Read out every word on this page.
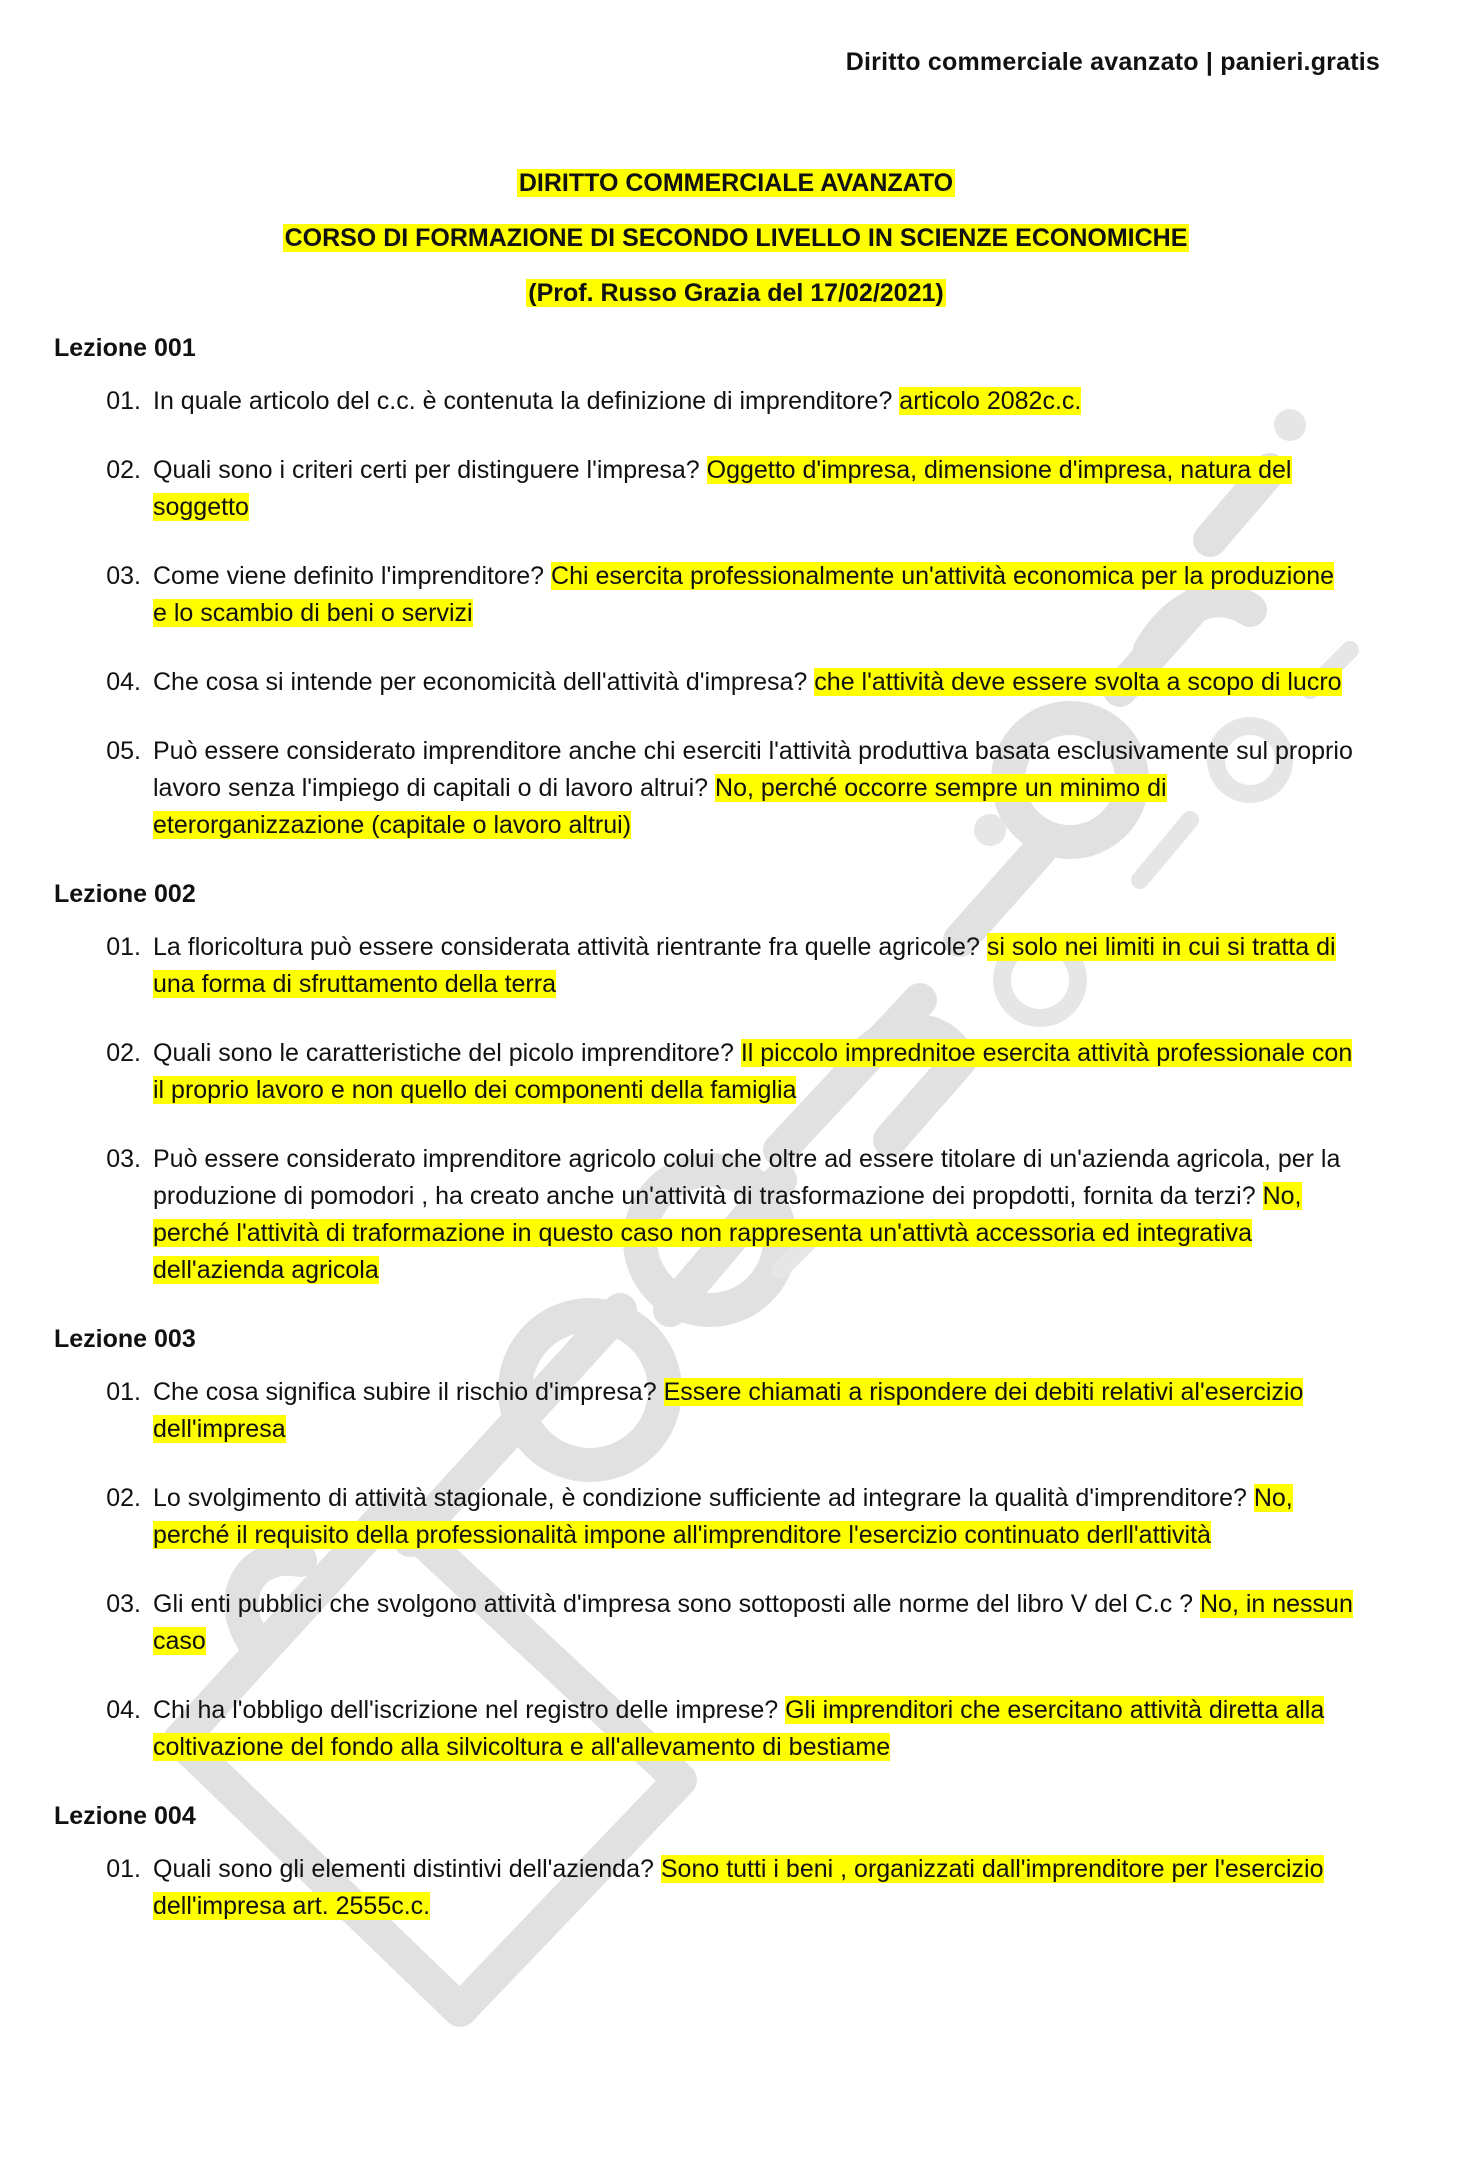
Diritto commerciale avanzato | panieri.gratis
DIRITTO COMMERCIALE AVANZATO
CORSO DI FORMAZIONE DI SECONDO LIVELLO IN SCIENZE ECONOMICHE
(Prof. Russo Grazia del 17/02/2021)
Lezione 001
01. In quale articolo del c.c. è contenuta la definizione di imprenditore? articolo 2082c.c.
02. Quali sono i criteri certi per distinguere l'impresa? Oggetto d'impresa, dimensione d'impresa, natura del soggetto
03. Come viene definito l'imprenditore? Chi esercita professionalmente un'attività economica per la produzione e lo scambio di beni o servizi
04. Che cosa si intende per economicità dell'attività d'impresa? che l'attività deve essere svolta a scopo di lucro
05. Può essere considerato imprenditore anche chi eserciti l'attività produttiva basata esclusivamente sul proprio lavoro senza l'impiego di capitali o di lavoro altrui? No, perché occorre sempre un minimo di eterorganizzazione (capitale o lavoro altrui)
Lezione 002
01. La floricoltura può essere considerata attività rientrante fra quelle agricole? si solo nei limiti in cui si tratta di una forma di sfruttamento della terra
02. Quali sono le caratteristiche del picolo imprenditore? Il piccolo imprednitoe esercita attività professionale con il proprio lavoro e non quello dei componenti della famiglia
03. Può essere considerato imprenditore agricolo colui che oltre ad essere titolare di un'azienda agricola, per la produzione di pomodori , ha creato anche un'attività di trasformazione dei propdotti, fornita da terzi? No, perché l'attività di traformazione in questo caso non rappresenta un'attivtà accessoria ed integrativa dell'azienda agricola
Lezione 003
01. Che cosa significa subire il rischio d'impresa? Essere chiamati a rispondere dei debiti relativi al'esercizio dell'impresa
02. Lo svolgimento di attività stagionale, è condizione sufficiente ad integrare la qualità d'imprenditore? No, perché il requisito della professionalità impone all'imprenditore l'esercizio continuato derll'attività
03. Gli enti pubblici che svolgono attività d'impresa sono sottoposti alle norme del libro V del C.c ? No, in nessun caso
04. Chi ha l'obbligo dell'iscrizione nel registro delle imprese? Gli imprenditori che esercitano attività diretta alla coltivazione del fondo alla silvicoltura e all'allevamento di bestiame
Lezione 004
01. Quali sono gli elementi distintivi dell'azienda? Sono tutti i beni , organizzati dall'imprenditore per l'esercizio dell'impresa art. 2555c.c.
